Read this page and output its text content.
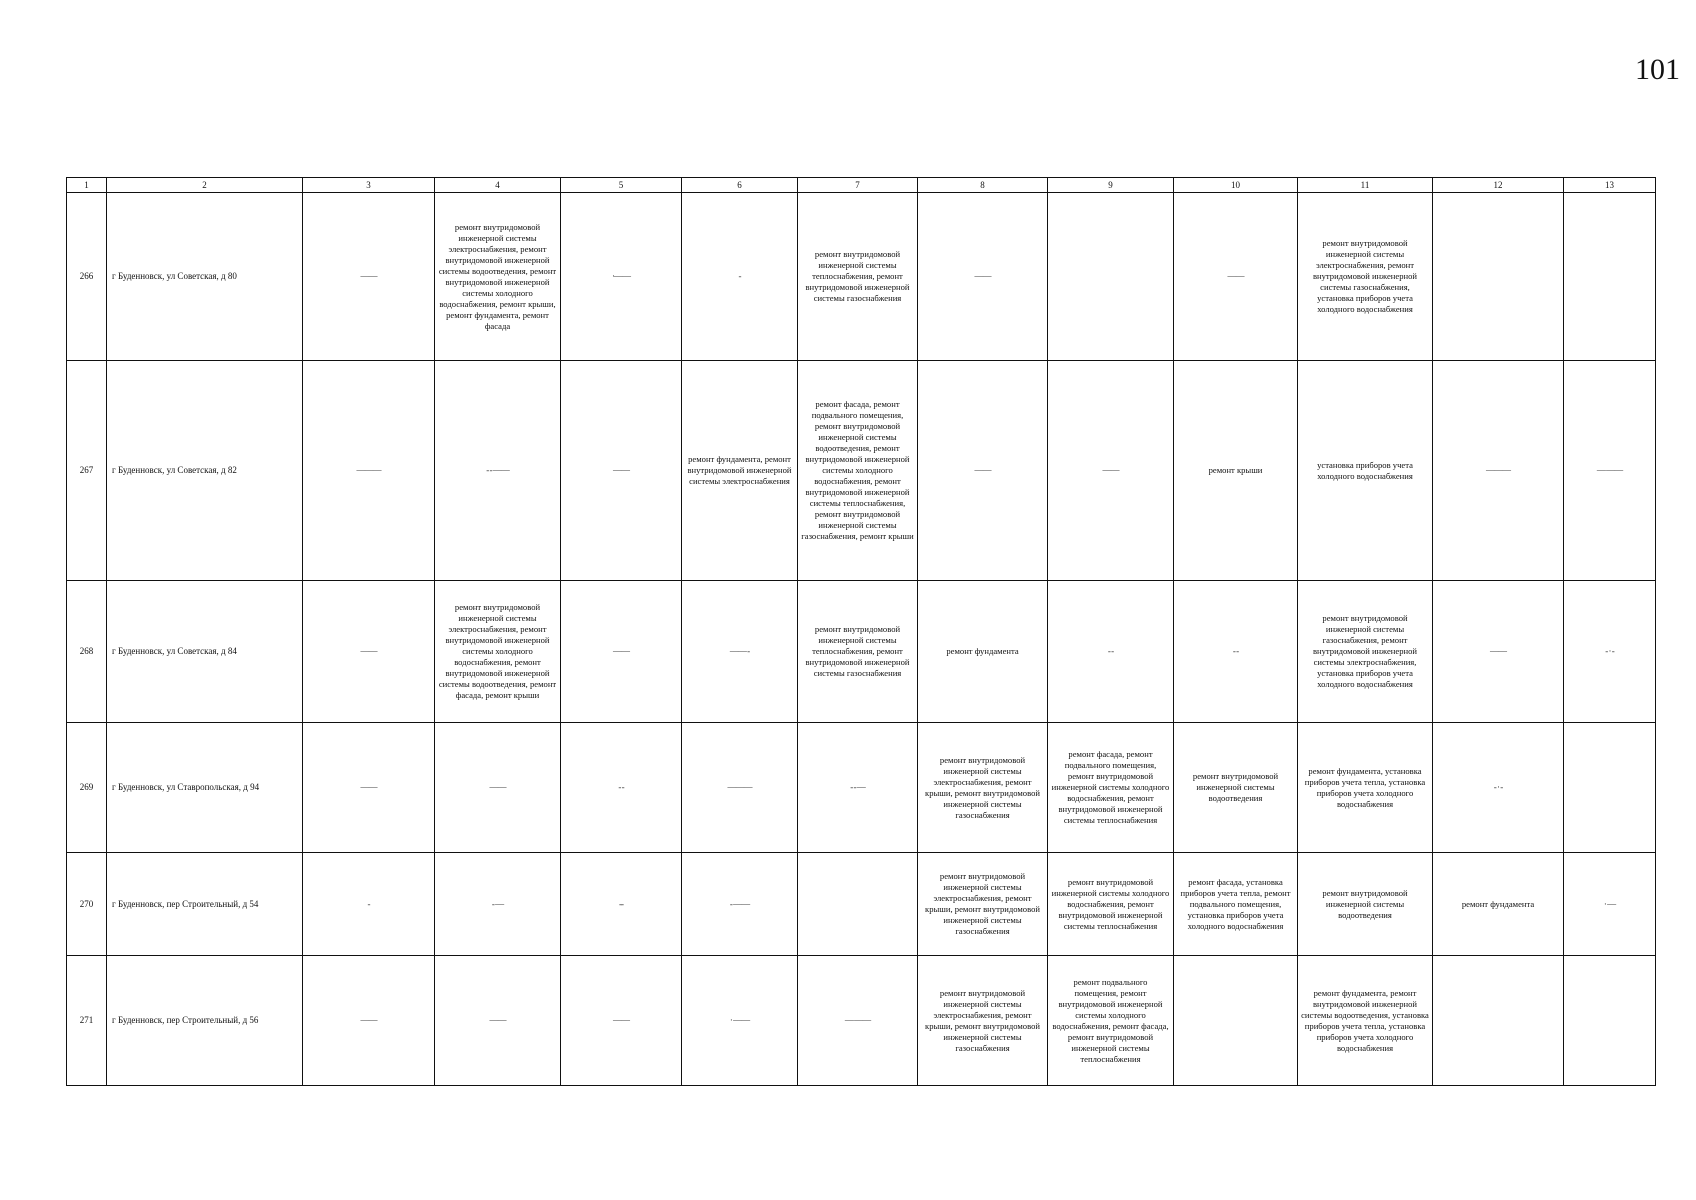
101
1	2	3	4	5	6	7	8	9	10	11	12	13
266	г Буденновск, ул Советская, д 80	——	ремонт внутридомовой инженерной системы электроснабжения, ремонт внутридомовой инженерной системы водоотведения, ремонт внутридомовой инженерной системы холодного водоснабжения, ремонт крыши, ремонт фундамента, ремонт фасада	·——	-	ремонт внутридомовой инженерной системы теплоснабжения, ремонт внутридомовой инженерной системы газоснабжения	——		——	ремонт внутридомовой инженерной системы электроснабжения, ремонт внутридомовой инженерной системы газоснабжения, установка приборов учета холодного водоснабжения		
267	г Буденновск, ул Советская, д 82	———	- - ——	——	ремонт фундамента, ремонт внутридомовой инженерной системы электроснабжения	ремонт фасада, ремонт подвального помещения, ремонт внутридомовой инженерной системы водоотведения, ремонт внутридомовой инженерной системы холодного водоснабжения, ремонт внутридомовой инженерной системы теплоснабжения, ремонт внутридомовой инженерной системы газоснабжения, ремонт крыши	——	——	ремонт крыши	установка приборов учета холодного водоснабжения	———	— ——
268	г Буденновск, ул Советская, д 84	——	ремонт внутридомовой инженерной системы электроснабжения, ремонт внутридомовой инженерной системы холодного водоснабжения, ремонт внутридомовой инженерной системы водоотведения, ремонт фасада, ремонт крыши	——	—— -	ремонт внутридомовой инженерной системы теплоснабжения, ремонт внутридомовой инженерной системы газоснабжения	ремонт фундамента	- -	- -	ремонт внутридомовой инженерной системы газоснабжения, ремонт внутридомовой инженерной системы электроснабжения, установка приборов учета холодного водоснабжения	——	- · -
269	г Буденновск, ул Ставропольская, д 94	——	——	- -	———	- - —	ремонт внутридомовой инженерной системы электроснабжения, ремонт крыши, ремонт внутридомовой инженерной системы газоснабжения	ремонт фасада, ремонт подвального помещения, ремонт внутридомовой инженерной системы холодного водоснабжения, ремонт внутридомовой инженерной системы теплоснабжения	ремонт внутридомовой инженерной системы водоотведения	ремонт фундамента, установка приборов учета тепла, установка приборов учета холодного водоснабжения	- · -	
270	г Буденновск, пер Строительный, д 54	-	- —	--	- ——		ремонт внутридомовой инженерной системы электроснабжения, ремонт крыши, ремонт внутридомовой инженерной системы газоснабжения	ремонт внутридомовой инженерной системы холодного водоснабжения, ремонт внутридомовой инженерной системы теплоснабжения	ремонт фасада, установка приборов учета тепла, ремонт подвального помещения, установка приборов учета холодного водоснабжения	ремонт внутридомовой инженерной системы водоотведения	ремонт фундамента	· —
271	г Буденновск, пер Строительный, д 56	——	——	——	· ——	— ——	ремонт внутридомовой инженерной системы электроснабжения, ремонт крыши, ремонт внутридомовой инженерной системы газоснабжения	ремонт подвального помещения, ремонт внутридомовой инженерной системы холодного водоснабжения, ремонт фасада, ремонт внутридомовой инженерной системы теплоснабжения		ремонт фундамента, ремонт внутридомовой инженерной системы водоотведения, установка приборов учета тепла, установка приборов учета холодного водоснабжения		
